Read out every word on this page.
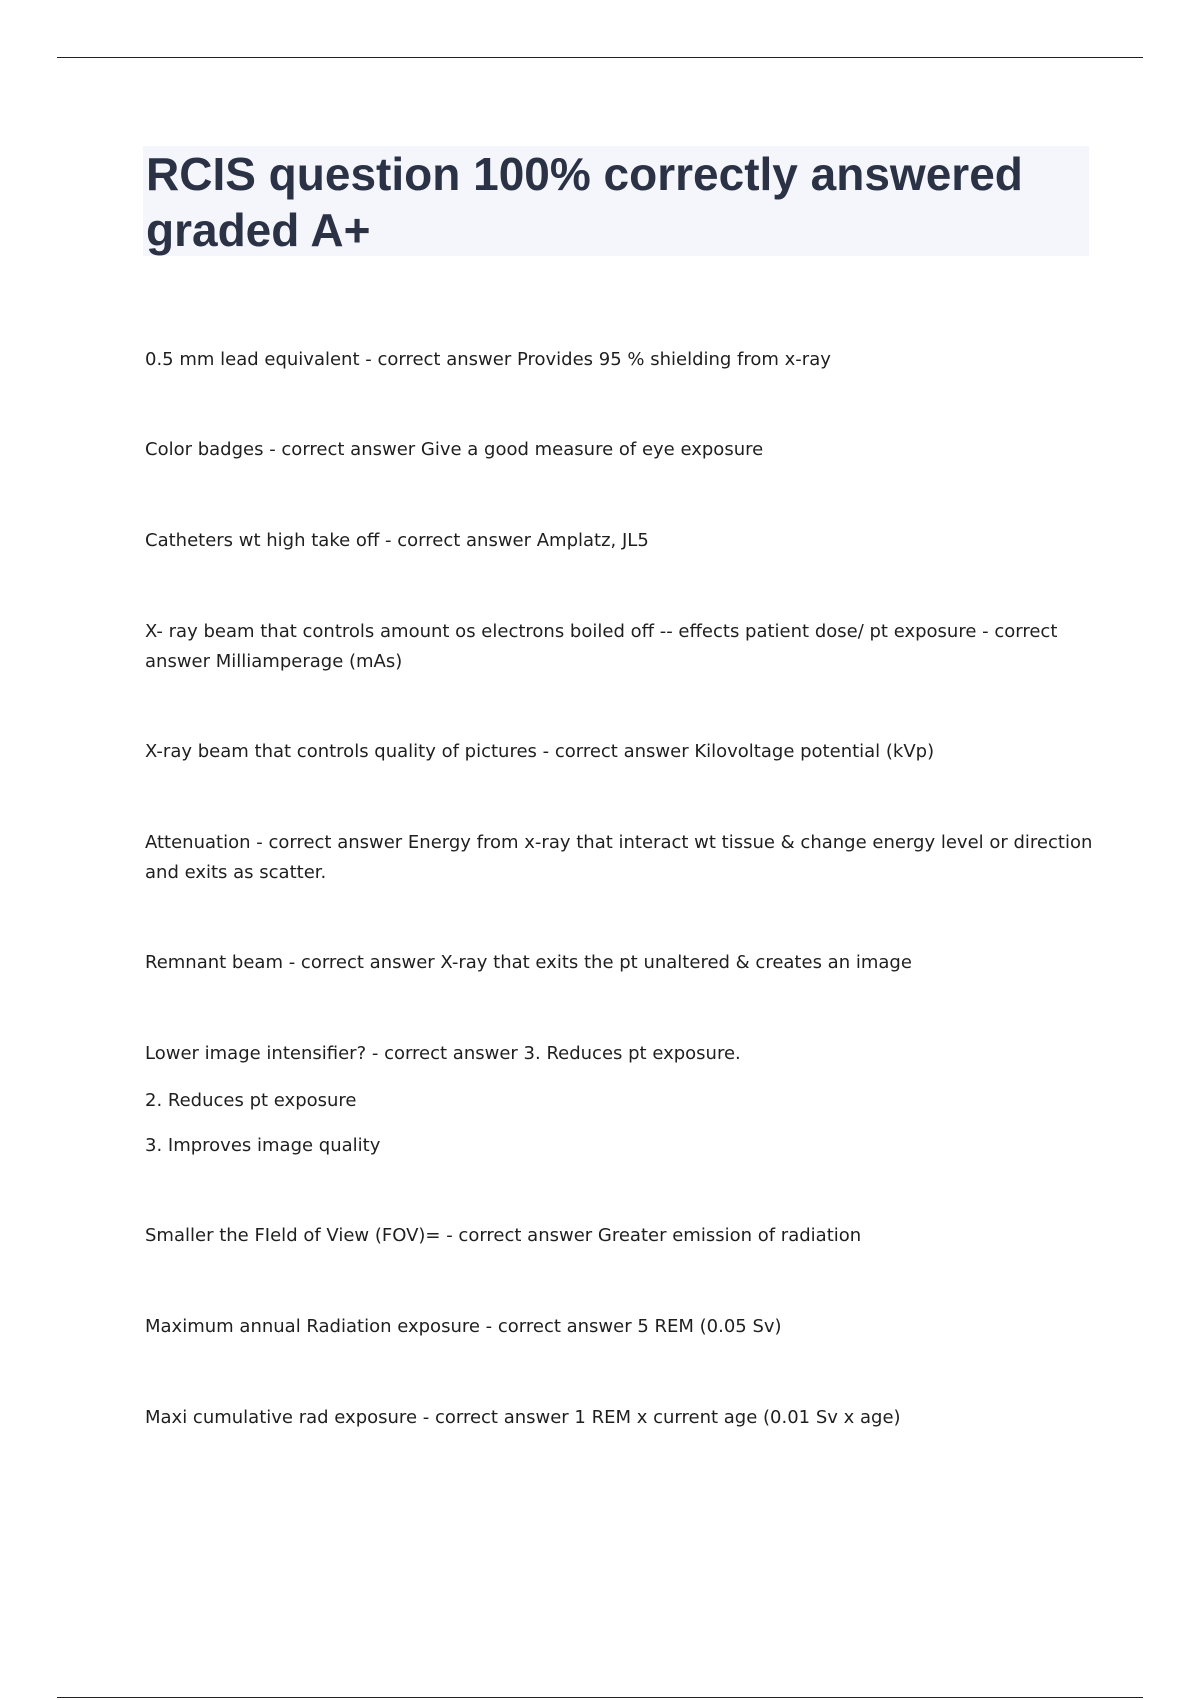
RCIS question 100% correctly answered graded A+

0.5 mm lead equivalent - correct answer Provides 95 % shielding from x-ray

Color badges - correct answer Give a good measure of eye exposure

Catheters wt high take off - correct answer Amplatz, JL5

X- ray beam that controls amount os electrons boiled off -- effects patient dose/ pt exposure - correct answer Milliamperage (mAs)

X-ray beam that controls quality of pictures - correct answer Kilovoltage potential (kVp)

Attenuation - correct answer Energy from x-ray that interact wt tissue & change energy level or direction and exits as scatter.

Remnant beam - correct answer X-ray that exits the pt unaltered & creates an image

Lower image intensifier? - correct answer 3. Reduces pt exposure.

2. Reduces pt exposure

3. Improves image quality

Smaller the FIeld of View (FOV)= - correct answer Greater emission of radiation

Maximum annual Radiation exposure - correct answer 5 REM (0.05 Sv)

Maxi cumulative rad exposure - correct answer 1 REM x current age (0.01 Sv x age)
